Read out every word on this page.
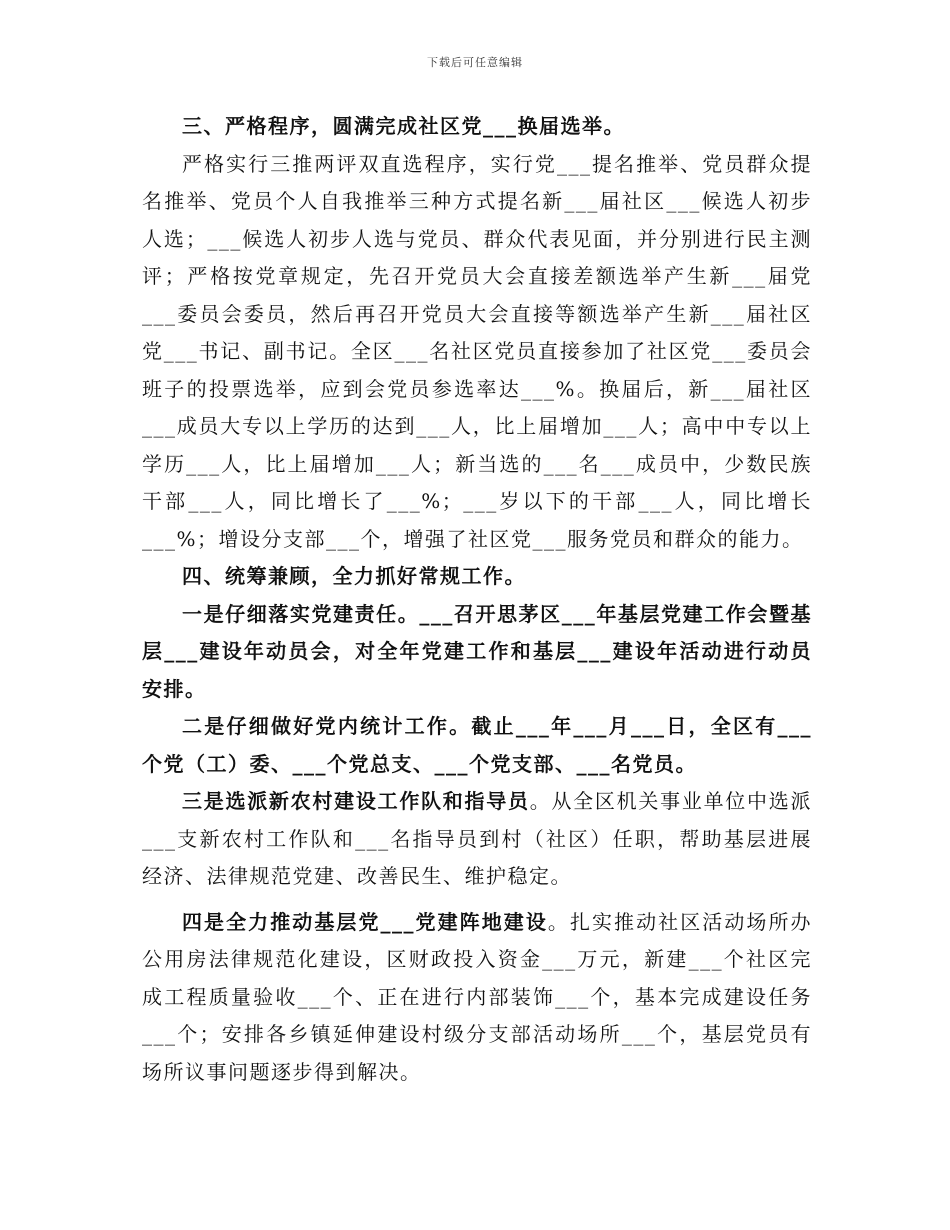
下载后可任意编辑

三、严格程序，圆满完成社区党___换届选举。

严格实行三推两评双直选程序，实行党___提名推举、党员群众提名推举、党员个人自我推举三种方式提名新___届社区___候选人初步人选；___候选人初步人选与党员、群众代表见面，并分别进行民主测评；严格按党章规定，先召开党员大会直接差额选举产生新___届党___委员会委员，然后再召开党员大会直接等额选举产生新___届社区党___书记、副书记。全区___名社区党员直接参加了社区党___委员会班子的投票选举，应到会党员参选率达___%。换届后，新___届社区___成员大专以上学历的达到___人，比上届增加___人；高中中专以上学历___人，比上届增加___人；新当选的___名___成员中，少数民族干部___人，同比增长了___%；___岁以下的干部___人，同比增长___%；增设分支部___个，增强了社区党___服务党员和群众的能力。

四、统筹兼顾，全力抓好常规工作。

一是仔细落实党建责任。___召开思茅区___年基层党建工作会暨基层___建设年动员会，对全年党建工作和基层___建设年活动进行动员安排。

二是仔细做好党内统计工作。截止___年___月___日，全区有___个党（工）委、___个党总支、___个党支部、___名党员。

三是选派新农村建设工作队和指导员。从全区机关事业单位中选派___支新农村工作队和___名指导员到村（社区）任职，帮助基层进展经济、法律规范党建、改善民生、维护稳定。

四是全力推动基层党___党建阵地建设。扎实推动社区活动场所办公用房法律规范化建设，区财政投入资金___万元，新建___个社区完成工程质量验收___个、正在进行内部装饰___个，基本完成建设任务___个；安排各乡镇延伸建设村级分支部活动场所___个，基层党员有场所议事问题逐步得到解决。
